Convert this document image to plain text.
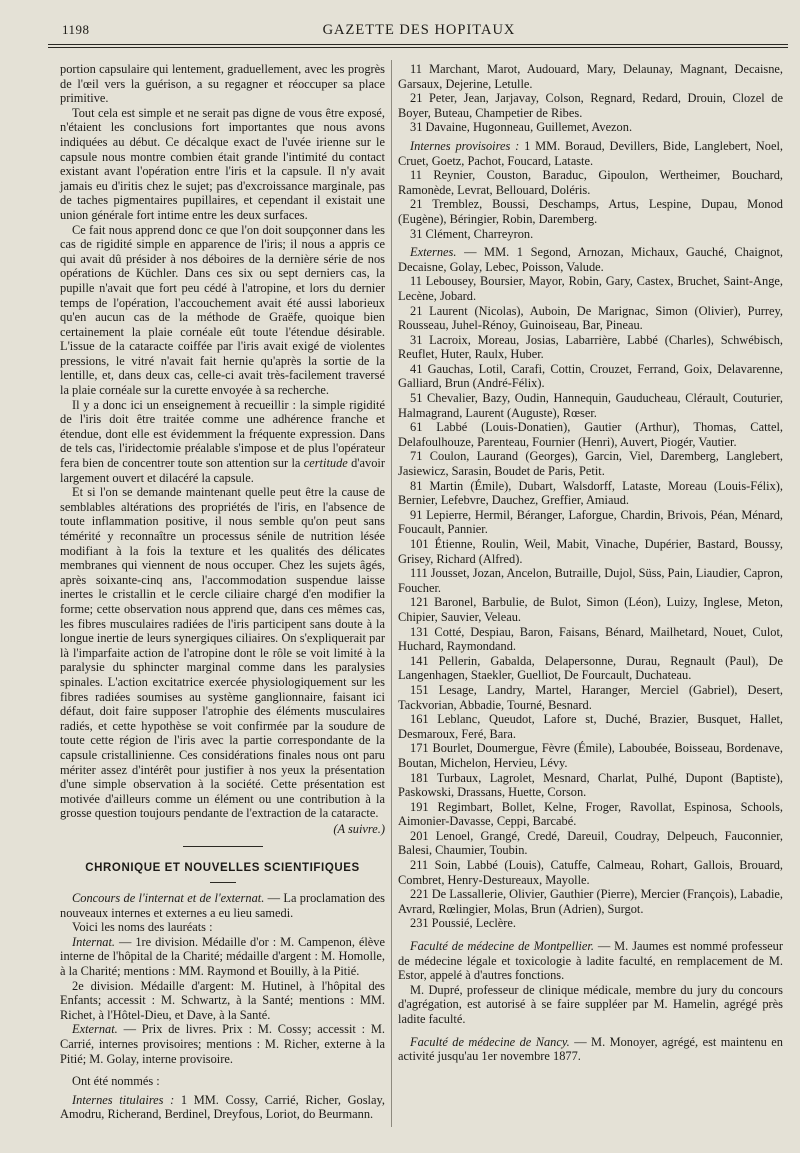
1198	GAZETTE DES HOPITAUX

portion capsulaire qui lentement, graduellement, avec les progrès de l'œil vers la guérison, a su regagner et réoccuper sa place primitive.

Tout cela est simple et ne serait pas digne de vous être exposé, n'étaient les conclusions fort importantes que nous avons indiquées au début. Ce décalque exact de l'uvée irienne sur le capsule nous montre combien était grande l'intimité du contact existant avant l'opération entre l'iris et la capsule. Il n'y avait jamais eu d'iritis chez le sujet; pas d'excroissance marginale, pas de taches pigmentaires pupillaires, et cependant il existait une union générale fort intime entre les deux surfaces.

Ce fait nous apprend donc ce que l'on doit soupçonner dans les cas de rigidité simple en apparence de l'iris; il nous a appris ce qui avait dû présider à nos déboires de la dernière série de nos opérations de Küchler. Dans ces six ou sept derniers cas, la pupille n'avait que fort peu cédé à l'atropine, et lors du dernier temps de l'opération, l'accouchement avait été aussi laborieux qu'en aucun cas de la méthode de Graëfe, quoique bien certainement la plaie cornéale eût toute l'étendue désirable. L'issue de la cataracte coiffée par l'iris avait exigé de violentes pressions, le vitré n'avait fait hernie qu'après la sortie de la lentille, et, dans deux cas, celle-ci avait très-facilement traversé la plaie cornéale sur la curette envoyée à sa recherche.

Il y a donc ici un enseignement à recueillir : la simple rigidité de l'iris doit être traitée comme une adhérence franche et étendue, dont elle est évidemment la fréquente expression. Dans de tels cas, l'iridectomie préalable s'impose et de plus l'opérateur fera bien de concentrer toute son attention sur la certitude d'avoir largement ouvert et dilacéré la capsule.

Et si l'on se demande maintenant quelle peut être la cause de semblables altérations des propriétés de l'iris, en l'absence de toute inflammation positive, il nous semble qu'on peut sans témérité y reconnaître un processus sénile de nutrition lésée modifiant à la fois la texture et les qualités des délicates membranes qui viennent de nous occuper. Chez les sujets âgés, après soixante-cinq ans, l'accommodation suspendue laisse inertes le cristallin et le cercle ciliaire chargé d'en modifier la forme; cette observation nous apprend que, dans ces mêmes cas, les fibres musculaires radiées de l'iris participent sans doute à la longue inertie de leurs synergiques ciliaires. On s'expliquerait par là l'imparfaite action de l'atropine dont le rôle se voit limité à la paralysie du sphincter marginal comme dans les paralysies spinales. L'action excitatrice exercée physiologiquement sur les fibres radiées soumises au système ganglionnaire, faisant ici défaut, doit faire supposer l'atrophie des éléments musculaires radiés, et cette hypothèse se voit confirmée par la soudure de toute cette région de l'iris avec la partie correspondante de la capsule cristallinienne. Ces considérations finales nous ont paru mériter assez d'intérêt pour justifier à nos yeux la présentation d'une simple observation à la société. Cette présentation est motivée d'ailleurs comme un élément ou une contribution à la grosse question toujours pendante de l'extraction de la cataracte.

(A suivre.)
CHRONIQUE ET NOUVELLES SCIENTIFIQUES

Concours de l'internat et de l'externat. — La proclamation des nouveaux internes et externes a eu lieu samedi.

Voici les noms des lauréats :

Internat. — 1re division. Médaille d'or : M. Campenon, élève interne de l'hôpital de la Charité; médaille d'argent : M. Homolle, à la Charité; mentions : MM. Raymond et Bouilly, à la Pitié.

2e division. Médaille d'argent: M. Hutinel, à l'hôpital des Enfants; accessit : M. Schwartz, à la Santé; mentions : MM. Richet, à l'Hôtel-Dieu, et Dave, à la Santé.

Externat. — Prix de livres. Prix : M. Cossy; accessit : M. Carrié, internes provisoires; mentions : M. Richer, externe à la Pitié; M. Golay, interne provisoire.

Ont été nommés :

Internes titulaires : 1 MM. Cossy, Carrié, Richer, Goslay, Amodru, Richerand, Berdinel, Dreyfous, Loriot, do Beurmann.

11 Marchant, Marot, Audouard, Mary, Delaunay, Magnant, Decaisne, Garsaux, Dejerine, Letulle.

21 Peter, Jean, Jarjavay, Colson, Regnard, Redard, Drouin, Clozel de Boyer, Buteau, Champetier de Ribes.

31 Davaine, Hugonneau, Guillemet, Avezon.

Internes provisoires : 1 MM. Boraud, Devillers, Bide, Langlebert, Noel, Cruet, Goetz, Pachot, Foucard, Lataste.

11 Reynier, Couston, Baraduc, Gipoulon, Wertheimer, Bouchard, Ramonède, Levrat, Bellouard, Doléris.

21 Tremblez, Boussi, Deschamps, Artus, Lespine, Dupau, Monod (Eugène), Béringier, Robin, Daremberg.

31 Clément, Charreyron.

Externes. — MM. 1 Segond, Arnozan, Michaux, Gauché, Chaignot, Decaisne, Golay, Lebec, Poisson, Valude.

11 Lebousey, Boursier, Mayor, Robin, Gary, Castex, Bruchet, Saint-Ange, Lecène, Jobard.

21 Laurent (Nicolas), Auboin, De Marignac, Simon (Olivier), Purrey, Rousseau, Juhel-Rénoy, Guinoiseau, Bar, Pineau.

31 Lacroix, Moreau, Josias, Labarrière, Labbé (Charles), Schwébisch, Reuflet, Huter, Raulx, Huber.

41 Gauchas, Lotil, Carafi, Cottin, Crouzet, Ferrand, Goix, Delavarenne, Galliard, Brun (André-Félix).

51 Chevalier, Bazy, Oudin, Hannequin, Gauducheau, Clérault, Couturier, Halmagrand, Laurent (Auguste), Rœser.

61 Labbé (Louis-Donatien), Gautier (Arthur), Thomas, Cattel, Delafoulhouze, Parenteau, Fournier (Henri), Auvert, Piogér, Vautier.

71 Coulon, Laurand (Georges), Garcin, Viel, Daremberg, Langlebert, Jasiewicz, Sarasin, Boudet de Paris, Petit.

81 Martin (Émile), Dubart, Walsdorff, Lataste, Moreau (Louis-Félix), Bernier, Lefebvre, Dauchez, Greffier, Amiaud.

91 Lepierre, Hermil, Béranger, Laforgue, Chardin, Brivois, Péan, Ménard, Foucault, Pannier.

101 Étienne, Roulin, Weil, Mabit, Vinache, Dupérier, Bastard, Boussy, Grisey, Richard (Alfred).

111 Jousset, Jozan, Ancelon, Butraille, Dujol, Süss, Pain, Liaudier, Capron, Foucher.

121 Baronel, Barbulie, de Bulot, Simon (Léon), Luizy, Inglese, Meton, Chipier, Sauvier, Veleau.

131 Cotté, Despiau, Baron, Faisans, Bénard, Mailhetard, Nouet, Culot, Huchard, Raymondand.

141 Pellerin, Gabalda, Delapersonne, Durau, Regnault (Paul), De Langenhagen, Staekler, Guelliot, De Fourcault, Duchateau.

151 Lesage, Landry, Martel, Haranger, Merciel (Gabriel), Desert, Tackvorian, Abbadie, Tourné, Besnard.

161 Leblanc, Queudot, Lafore st, Duché, Brazier, Busquet, Hallet, Desmaroux, Feré, Bara.

171 Bourlet, Doumergue, Fèvre (Émile), Laboubée, Boisseau, Bordenave, Boutan, Michelon, Hervieu, Lévy.

181 Turbaux, Lagrolet, Mesnard, Charlat, Pulhé, Dupont (Baptiste), Paskowski, Drassans, Huette, Corson.

191 Regimbart, Bollet, Kelne, Froger, Ravollat, Espinosa, Schools, Aimonier-Davasse, Ceppi, Barcabé.

201 Lenoel, Grangé, Credé, Dareuil, Coudray, Delpeuch, Fauconnier, Balesi, Chaumier, Toubin.

211 Soin, Labbé (Louis), Catuffe, Calmeau, Rohart, Gallois, Brouard, Combret, Henry-Destureaux, Mayolle.

221 De Lassallerie, Olivier, Gauthier (Pierre), Mercier (François), Labadie, Avrard, Rœlingier, Molas, Brun (Adrien), Surgot.

231 Poussié, Leclère.

Faculté de médecine de Montpellier. — M. Jaumes est nommé professeur de médecine légale et toxicologie à ladite faculté, en remplacement de M. Estor, appelé à d'autres fonctions.

M. Dupré, professeur de clinique médicale, membre du jury du concours d'agrégation, est autorisé à se faire suppléer par M. Hamelin, agrégé près ladite faculté.

Faculté de médecine de Nancy. — M. Monoyer, agrégé, est maintenu en activité jusqu'au 1er novembre 1877.
